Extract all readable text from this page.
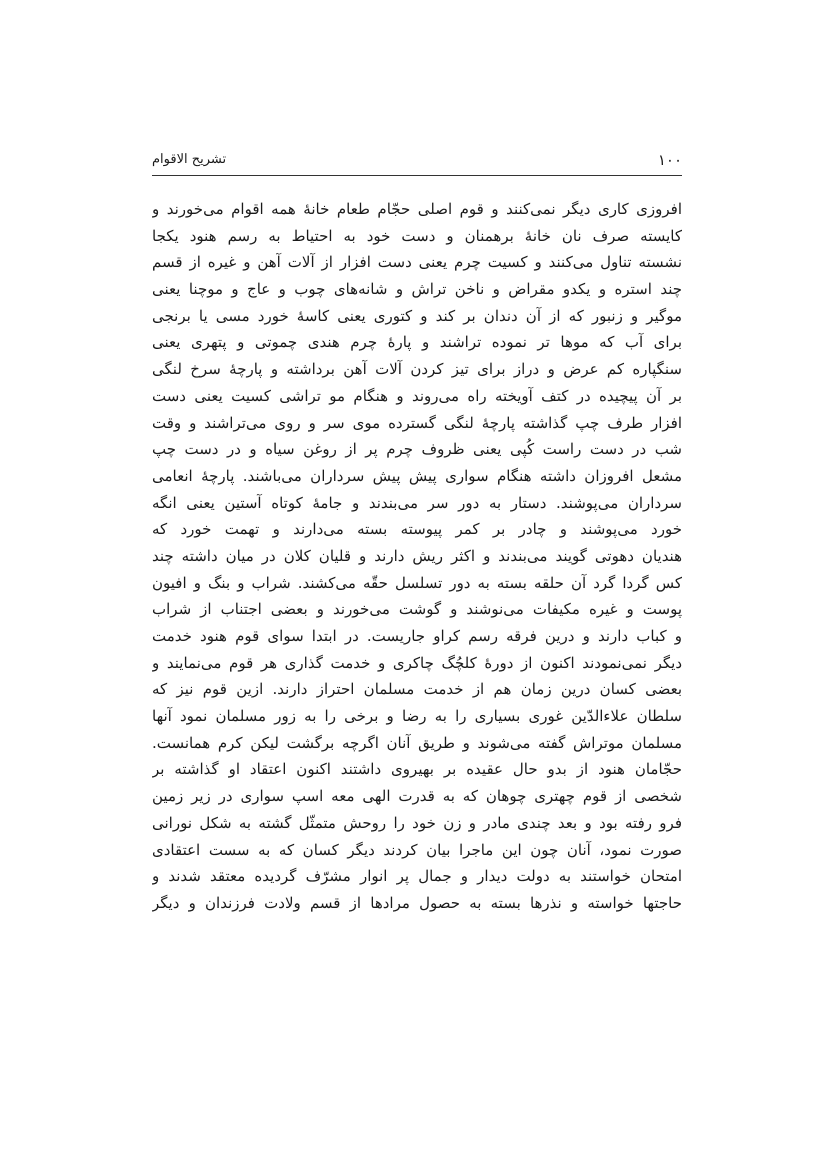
۱۰۰
تشریح الاقوام
افروزی کاری دیگر نمی‌کنند و قوم اصلی حجّام طعام خانهٔ همه اقوام می‌خورند و
کایسته صرف نان خانهٔ برهمنان و دست خود به احتیاط به رسم هنود یکجا
نشسته تناول می‌کنند و کسیت چرم یعنی دست افزار از آلات آهن و غیره از قسم
چند استره و یکدو مقراض و ناخن تراش و شانه‌های چوب و عاج و موچنا یعنی
موگیر و زنبور که از آن دندان بر کند و کتوری یعنی کاسهٔ خورد مسی یا برنجی
برای آب که موها تر نموده تراشند و پارهٔ چرم هندی چموتی و پتهری یعنی
سنگپاره کم عرض و دراز برای تیز کردن آلات آهن برداشته و پارچهٔ سرخ لنگی
بر آن پیچیده در کتف آویخته راه می‌روند و هنگام مو تراشی کسیت یعنی دست
افزار طرف چپ گذاشته پارچهٔ لنگی گسترده موی سر و روی می‌تراشند و وقت
شب در دست راست کُپی یعنی ظروف چرم پر از روغن سیاه و در دست چپ
مشعل افروزان داشته هنگام سواری پیش پیش سرداران می‌باشند. پارچهٔ انعامی
سرداران می‌پوشند. دستار به دور سر می‌بندند و جامهٔ کوتاه آستین یعنی انگه
خورد می‌پوشند و چادر بر کمر پیوسته بسته می‌دارند و تهمت خورد که
هندیان دهوتی گویند می‌بندند و اکثر ریش دارند و قلیان کلان در میان داشته چند
کس گردا گرد آن حلقه بسته به دور تسلسل حقّه می‌کشند. شراب و بنگ و افیون
پوست و غیره مکیفات می‌نوشند و گوشت می‌خورند و بعضی اجتناب از شراب
و کباب دارند و درین فرقه رسم کراو جاریست. در ابتدا سوای قوم هنود خدمت
دیگر نمی‌نمودند اکنون از دورهٔ کلچُگ چاکری و خدمت گذاری هر قوم می‌نمایند و
بعضی کسان درین زمان هم از خدمت مسلمان احتراز دارند. ازین قوم نیز که
سلطان علاءالدّین غوری بسیاری را به رضا و برخی را به زور مسلمان نمود آنها
مسلمان موتراش گفته می‌شوند و طریق آنان اگرچه برگشت لیکن کرم همانست.
حجّامان هنود از بدو حال عقیده بر بهیروی داشتند اکنون اعتقاد او گذاشته بر
شخصی از قوم چهتری چوهان که به قدرت الهی معه اسپ سواری در زیر زمین
فرو رفته بود و بعد چندی مادر و زن خود را روحش متمثّل گشته به شکل نورانی
صورت نمود، آنان چون این ماجرا بیان کردند دیگر کسان که به سست اعتقادی
امتحان خواستند به دولت دیدار و جمال پر انوار مشرّف گردیده معتقد شدند و
حاجتها خواسته و نذرها بسته به حصول مرادها از قسم ولادت فرزندان و دیگر
